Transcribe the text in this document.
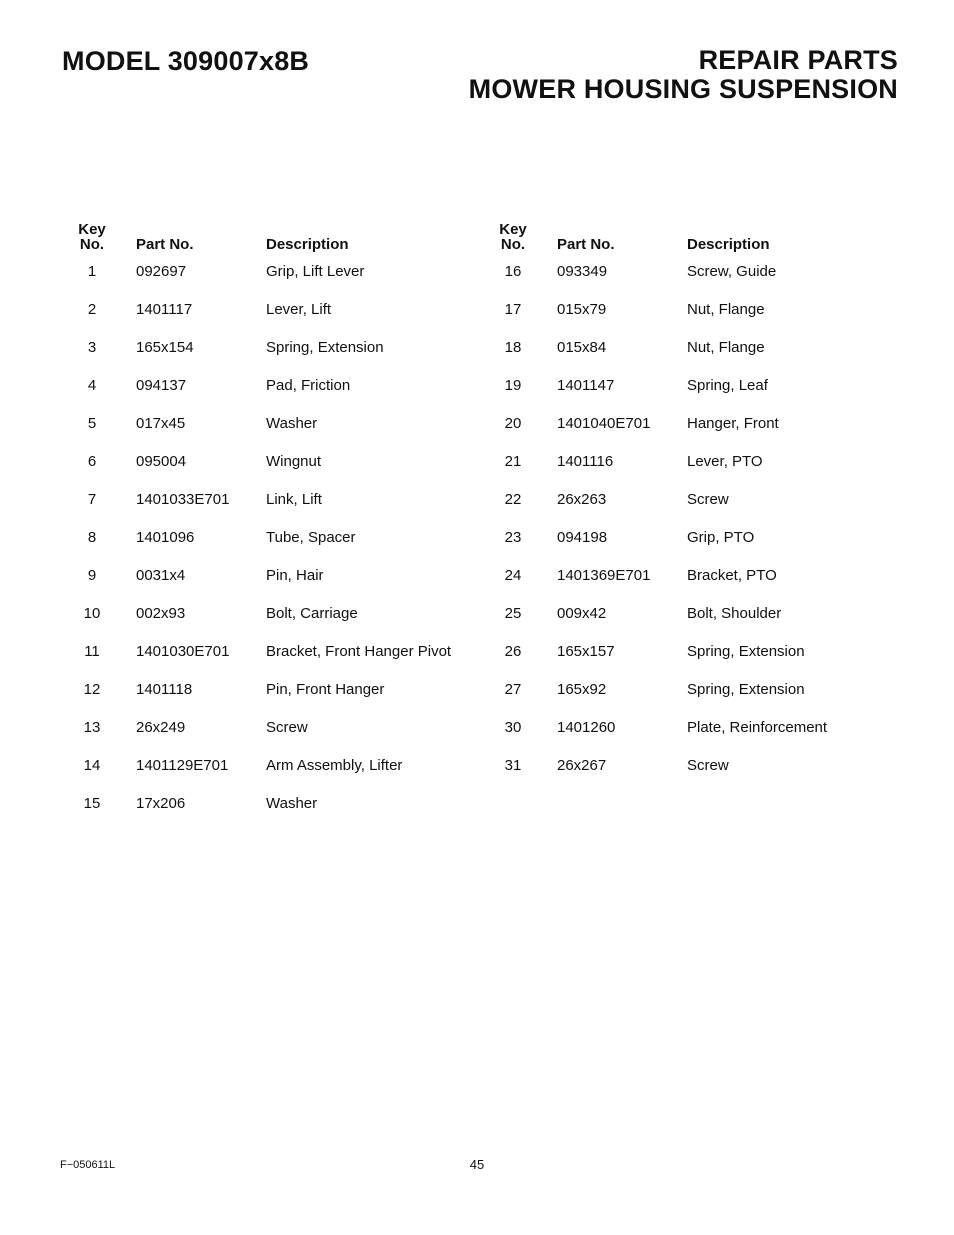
MODEL 309007x8B	REPAIR PARTS
MOWER HOUSING SUSPENSION
Key
No.	Part No.	Description
1	092697	Grip, Lift Lever
2	1401117	Lever, Lift
3	165x154	Spring, Extension
4	094137	Pad, Friction
5	017x45	Washer
6	095004	Wingnut
7	1401033E701	Link, Lift
8	1401096	Tube, Spacer
9	0031x4	Pin, Hair
10	002x93	Bolt, Carriage
11	1401030E701	Bracket, Front Hanger Pivot
12	1401118	Pin, Front Hanger
13	26x249	Screw
14	1401129E701	Arm Assembly, Lifter
15	17x206	Washer
Key
No.	Part No.	Description
16	093349	Screw, Guide
17	015x79	Nut, Flange
18	015x84	Nut, Flange
19	1401147	Spring, Leaf
20	1401040E701	Hanger, Front
21	1401116	Lever, PTO
22	26x263	Screw
23	094198	Grip, PTO
24	1401369E701	Bracket, PTO
25	009x42	Bolt, Shoulder
26	165x157	Spring, Extension
27	165x92	Spring, Extension
30	1401260	Plate, Reinforcement
31	26x267	Screw
F−050611L	45
